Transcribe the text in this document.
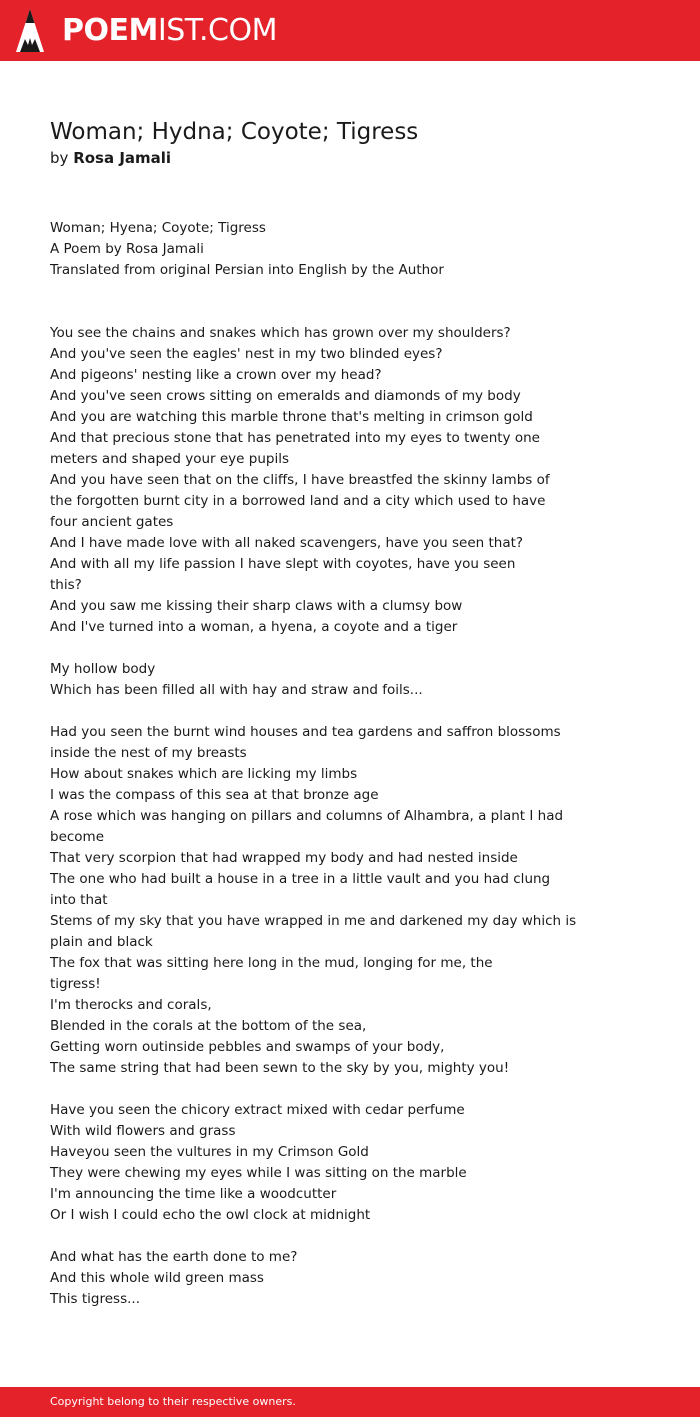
POEMIST.COM
Woman; Hydna; Coyote; Tigress
by Rosa Jamali
Woman; Hyena; Coyote; Tigress
A Poem by Rosa Jamali
Translated from original Persian into English by the Author
You see the chains and snakes which has grown over my shoulders?
And you've seen the eagles' nest in my two blinded eyes?
And pigeons' nesting like a crown over my head?
And you've seen crows sitting on emeralds and diamonds of my body
And you are watching this marble throne that's melting in crimson gold
And that precious stone that has penetrated into my eyes to twenty one
meters and shaped your eye pupils
And you have seen that on the cliffs, I have breastfed the skinny lambs of
the forgotten burnt city in a borrowed land and a city which used to have
four ancient gates
And I have made love with all naked scavengers, have you seen that?
And with all my life passion I have slept with coyotes, have you seen
this?
And you saw me kissing their sharp claws with a clumsy bow
And I've turned into a woman, a hyena, a coyote and a tiger
My hollow body
Which has been filled all with hay and straw and foils...
Had you seen the burnt wind houses and tea gardens and saffron blossoms
inside the nest of my breasts
How about snakes which are licking my limbs
I was the compass of this sea at that bronze age
A rose which was hanging on pillars and columns of Alhambra, a plant I had
become
That very scorpion that had wrapped my body and had nested inside
The one who had built a house in a tree in a little vault and you had clung
into that
Stems of my sky that you have wrapped in me and darkened my day which is
plain and black
The fox that was sitting here long in the mud, longing for me, the
tigress!
I'm therocks and corals,
Blended in the corals at the bottom of the sea,
Getting worn outinside pebbles and swamps of your body,
The same string that had been sewn to the sky by you, mighty you!
Have you seen the chicory extract mixed with cedar perfume
With wild flowers and grass
Haveyou seen the vultures in my Crimson Gold
They were chewing my eyes while I was sitting on the marble
I'm announcing the time like a woodcutter
Or I wish I could echo the owl clock at midnight
And what has the earth done to me?
And this whole wild green mass
This tigress...
Copyright belong to their respective owners.
